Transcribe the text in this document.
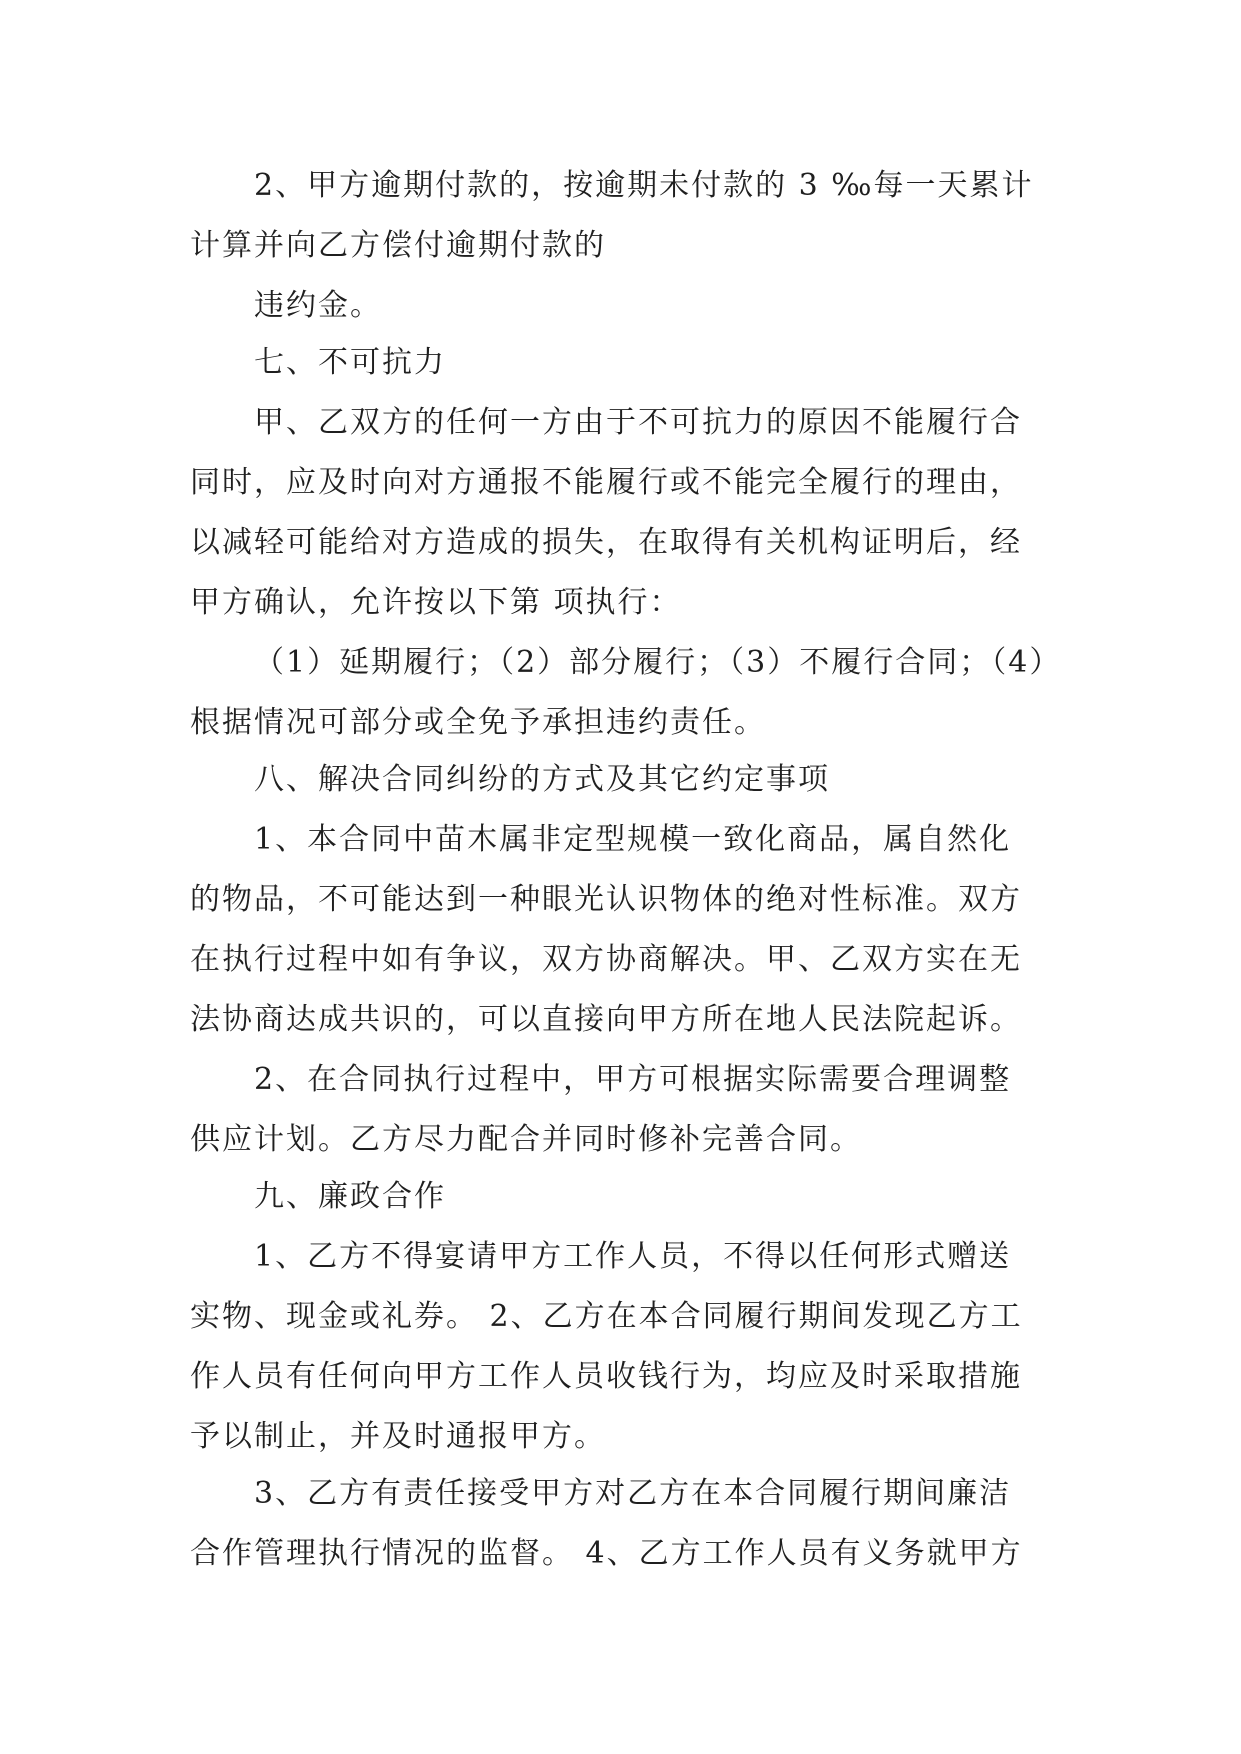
2、甲方逾期付款的，按逾期未付款的 3 ‰每一天累计
计算并向乙方偿付逾期付款的
违约金。
七、不可抗力
甲、乙双方的任何一方由于不可抗力的原因不能履行合
同时，应及时向对方通报不能履行或不能完全履行的理由，
以减轻可能给对方造成的损失，在取得有关机构证明后，经
甲方确认，允许按以下第 项执行：
（1）延期履行；（2）部分履行；（3）不履行合同；（4）
根据情况可部分或全免予承担违约责任。
八、解决合同纠纷的方式及其它约定事项
1、本合同中苗木属非定型规模一致化商品，属自然化
的物品，不可能达到一种眼光认识物体的绝对性标准。双方
在执行过程中如有争议，双方协商解决。甲、乙双方实在无
法协商达成共识的，可以直接向甲方所在地人民法院起诉。
2、在合同执行过程中，甲方可根据实际需要合理调整
供应计划。乙方尽力配合并同时修补完善合同。
九、廉政合作
1、乙方不得宴请甲方工作人员，不得以任何形式赠送
实物、现金或礼券。 2、乙方在本合同履行期间发现乙方工
作人员有任何向甲方工作人员收钱行为，均应及时采取措施
予以制止，并及时通报甲方。
3、乙方有责任接受甲方对乙方在本合同履行期间廉洁
合作管理执行情况的监督。 4、乙方工作人员有义务就甲方
